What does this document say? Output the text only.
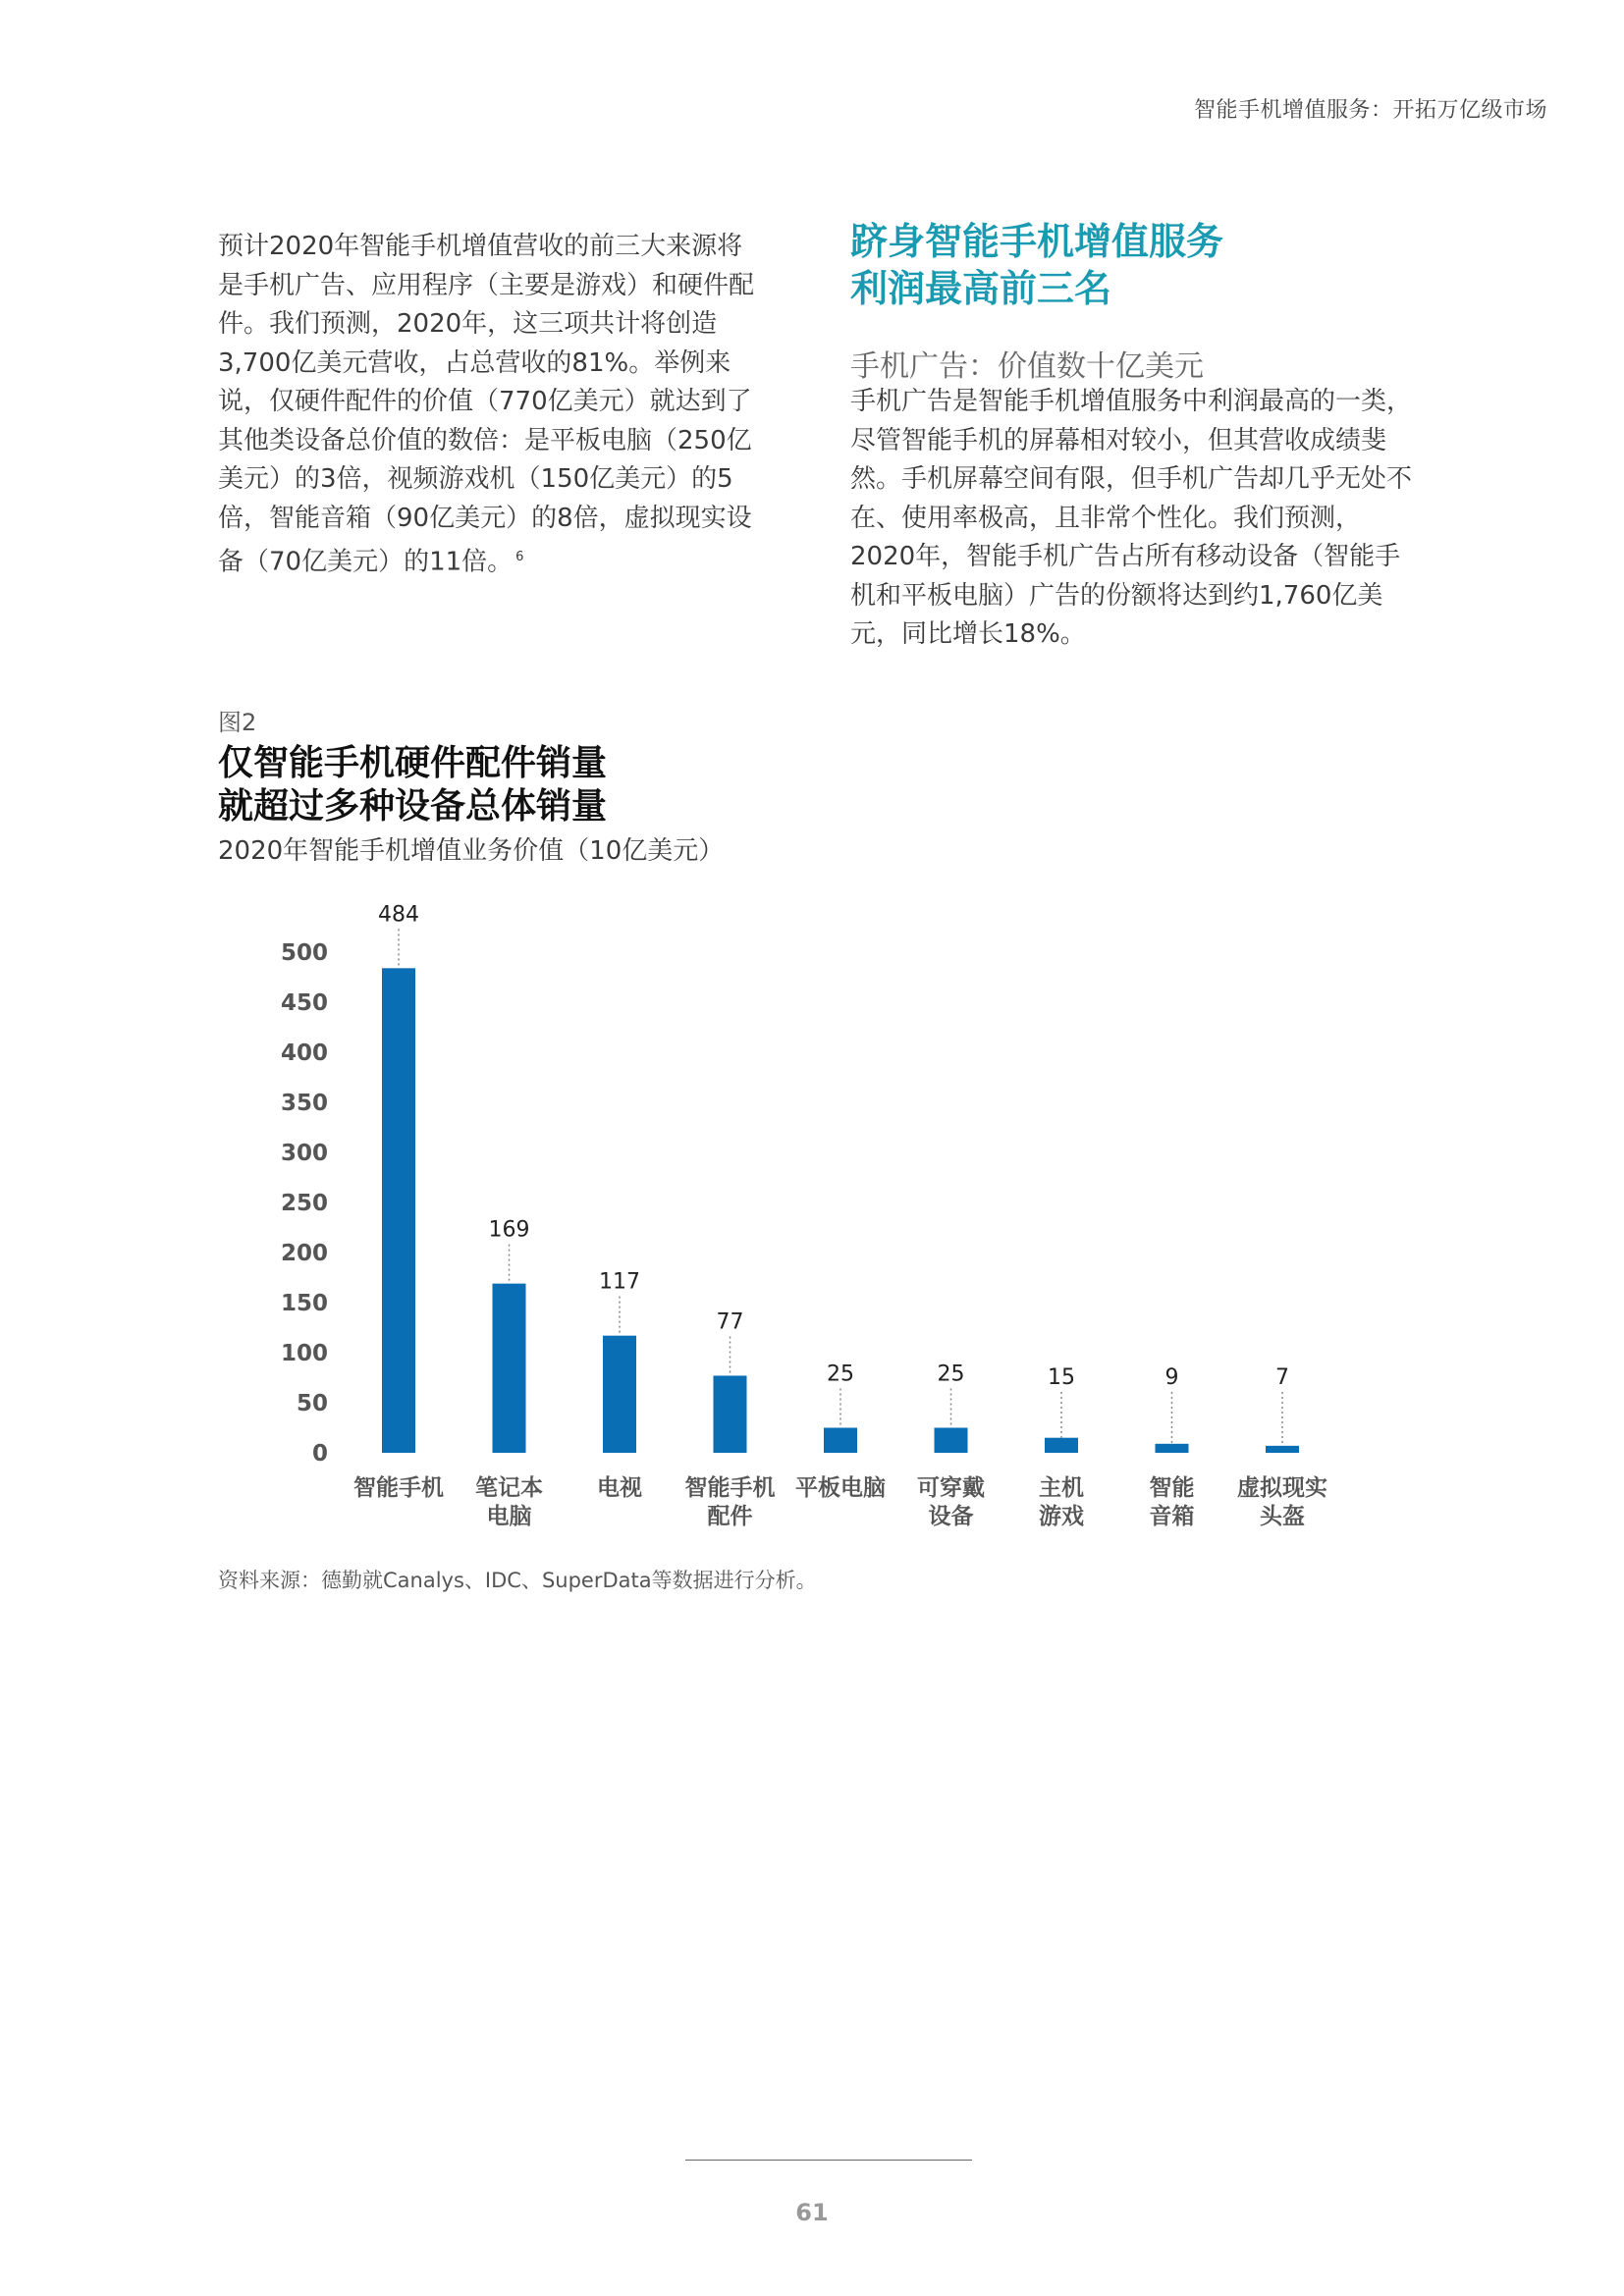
智能手机增值服务：开拓万亿级市场
预计2020年智能手机增值营收的前三大来源将是手机广告、应用程序（主要是游戏）和硬件配件。我们预测，2020年，这三项共计将创造3,700亿美元营收，占总营收的81%。举例来说，仅硬件配件的价值（770亿美元）就达到了其他类设备总价值的数倍：是平板电脑（250亿美元）的3倍，视频游戏机（150亿美元）的5倍，智能音箱（90亿美元）的8倍，虚拟现实设备（70亿美元）的11倍。 $^6$
跻身智能手机增值服务
利润最高前三名
手机广告：价值数十亿美元
手机广告是智能手机增值服务中利润最高的一类，尽管智能手机的屏幕相对较小，但其营收成绩斐然。手机屏幕空间有限，但手机广告却几乎无处不在、使用率极高，且非常个性化。我们预测，2020年，智能手机广告占所有移动设备（智能手机和平板电脑）广告的份额将达到约1,760亿美元，同比增长18%。
图2
仅智能手机硬件配件销量
就超过多种设备总体销量
2020年智能手机增值业务价值（10亿美元）
0
50
100
150
200
250
300
350
400
450
500
484
智能手机
169
笔记本
电脑
117
电视
77
智能手机
配件
25
平板电脑
25
可穿戴
设备
15
主机
游戏
9
智能
音箱
7
虚拟现实
头盔
资料来源：德勤就Canalys、IDC、SuperData等数据进行分析。
61
